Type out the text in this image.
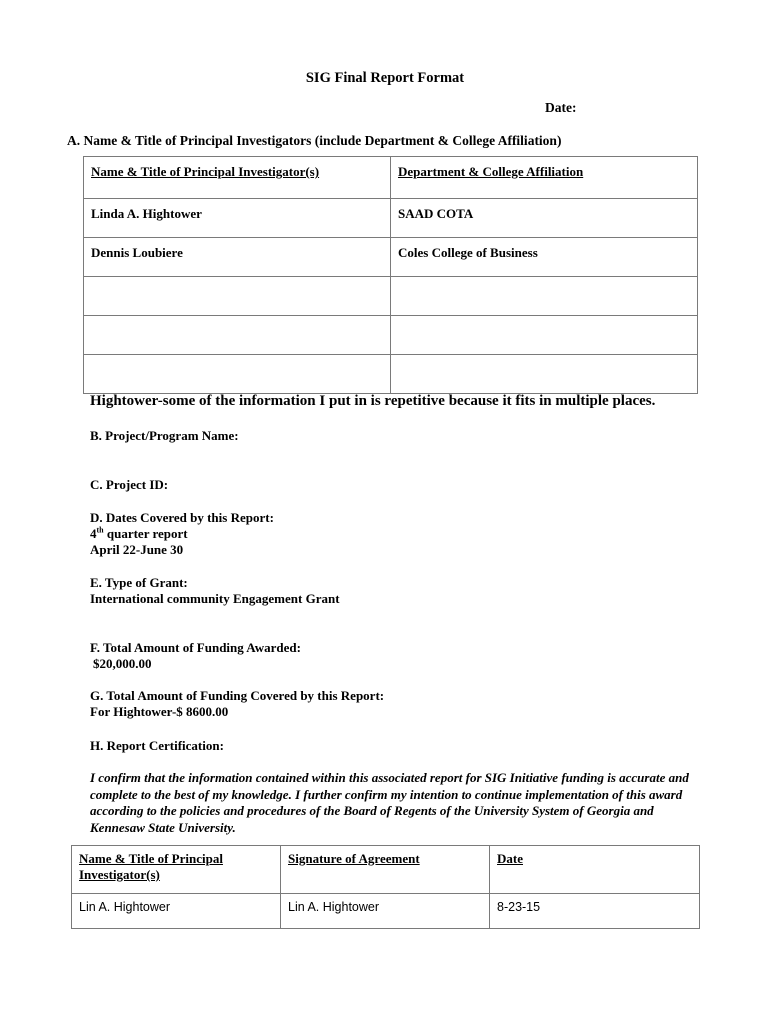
SIG Final Report Format
Date:
A. Name & Title of Principal Investigators (include Department & College Affiliation)
Name & Title of Principal Investigator(s)	Department & College Affiliation
Linda A. Hightower	SAAD COTA
Dennis Loubiere	Coles College of Business

Hightower-some of the information I put in is repetitive because it fits in multiple places.
B. Project/Program Name:
C. Project ID:
D. Dates Covered by this Report:
4th quarter report
April 22-June 30
E. Type of Grant:
International community Engagement Grant
F. Total Amount of Funding Awarded:
$20,000.00
G. Total Amount of Funding Covered by this Report:
For Hightower-$ 8600.00
H. Report Certification:
I confirm that the information contained within this associated report for SIG Initiative funding is accurate and complete to the best of my knowledge. I further confirm my intention to continue implementation of this award according to the policies and procedures of the Board of Regents of the University System of Georgia and Kennesaw State University.
Name & Title of Principal Investigator(s)	Signature of Agreement	Date
Lin A. Hightower	Lin A. Hightower	8-23-15
